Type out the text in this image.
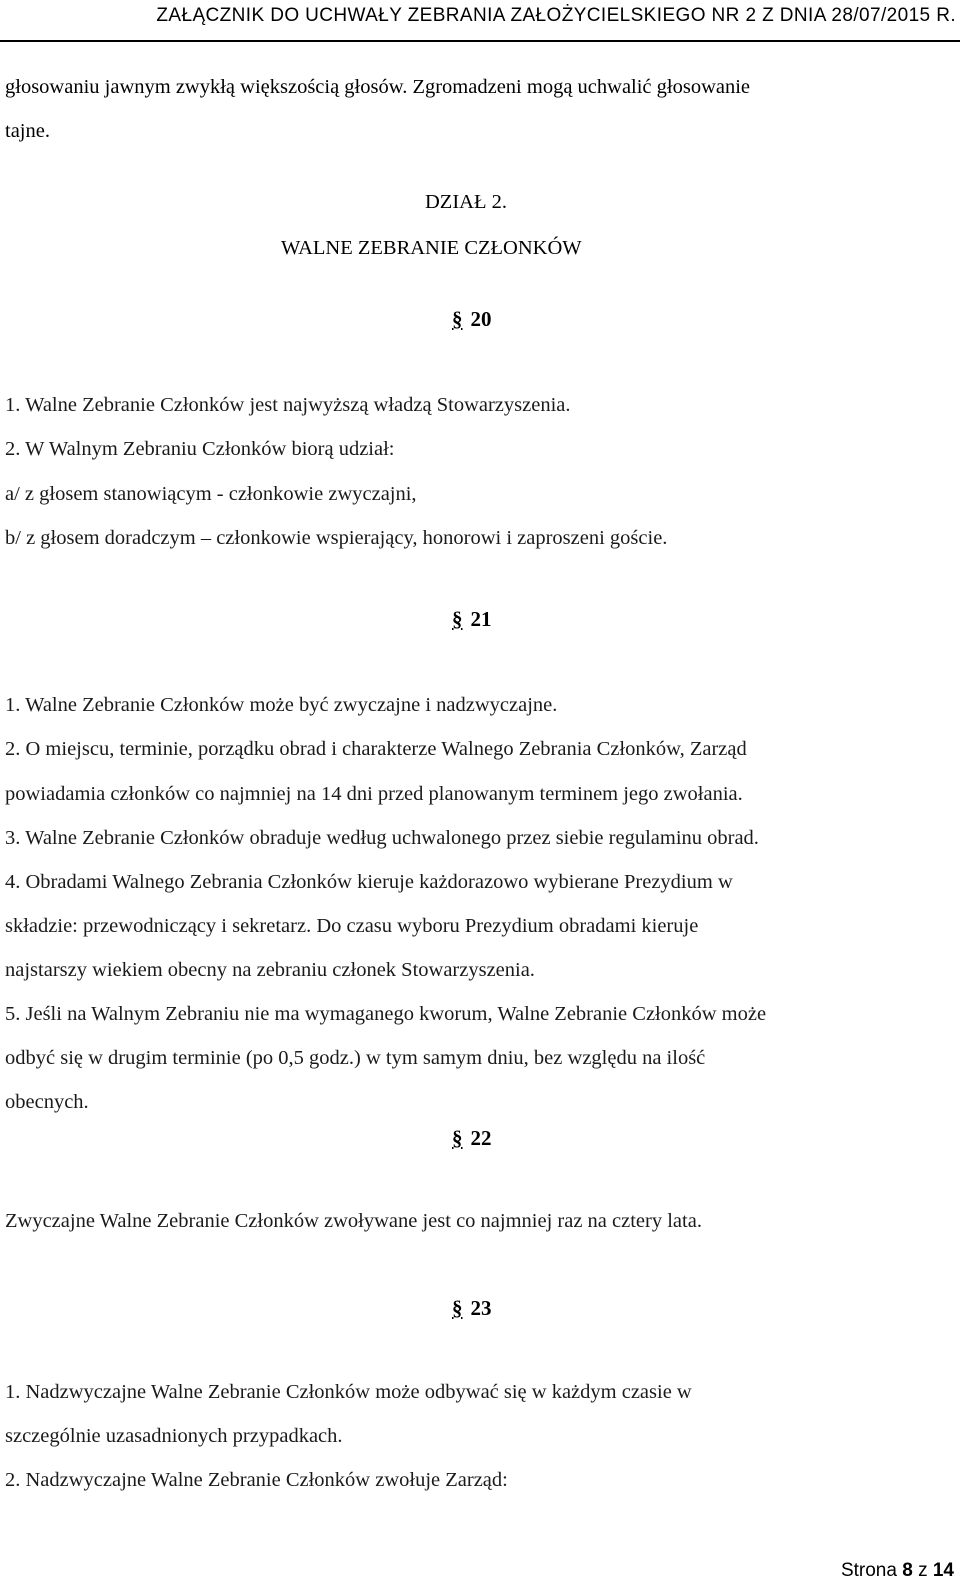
ZAŁĄCZNIK DO UCHWAŁY ZEBRANIA ZAŁOŻYCIELSKIEGO NR 2 Z DNIA 28/07/2015 R.
głosowaniu jawnym zwykłą większością głosów. Zgromadzeni mogą uchwalić głosowanie
tajne.
DZIAŁ 2.
WALNE ZEBRANIE CZŁONKÓW
§ 20
1. Walne Zebranie Członków jest najwyższą władzą Stowarzyszenia.
2. W Walnym Zebraniu Członków biorą udział:
a/ z głosem stanowiącym - członkowie zwyczajni,
b/ z głosem doradczym – członkowie wspierający, honorowi i zaproszeni goście.
§ 21
1. Walne Zebranie Członków może być zwyczajne i nadzwyczajne.
2. O miejscu, terminie, porządku obrad i charakterze Walnego Zebrania Członków, Zarząd
powiadamia członków co najmniej na 14 dni przed planowanym terminem jego zwołania.
3. Walne Zebranie Członków obraduje według uchwalonego przez siebie regulaminu obrad.
4. Obradami Walnego Zebrania Członków kieruje każdorazowo wybierane Prezydium w
składzie: przewodniczący i sekretarz. Do czasu wyboru Prezydium obradami kieruje
najstarszy wiekiem obecny na zebraniu członek Stowarzyszenia.
5. Jeśli na Walnym Zebraniu nie ma wymaganego kworum, Walne Zebranie Członków może
odbyć się w drugim terminie (po 0,5 godz.) w tym samym dniu, bez względu na ilość
obecnych.
§ 22
Zwyczajne Walne Zebranie Członków zwoływane jest co najmniej raz na cztery lata.
§ 23
1. Nadzwyczajne Walne Zebranie Członków może odbywać się w każdym czasie w
szczególnie uzasadnionych przypadkach.
2. Nadzwyczajne Walne Zebranie Członków zwołuje Zarząd:
Strona 8 z 14
